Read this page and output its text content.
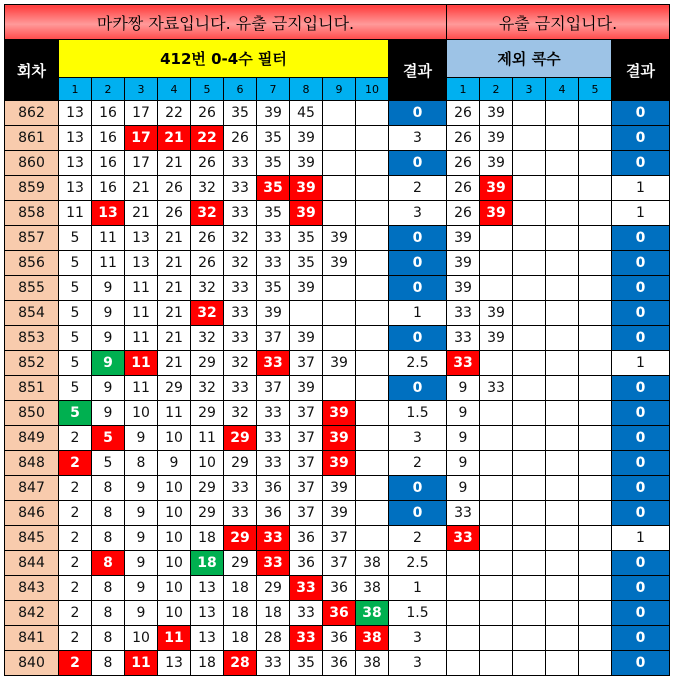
마카짱 자료입니다. 유출 금지입니다.												유출 금지입니다.					
회차	412번 0-4수 필터										결과	제외 콕수					결과
	1	2	3	4	5	6	7	8	9	10		1	2	3	4	5	
862	13	16	17	22	26	35	39	45			0	26	39				0
861	13	16	17	21	22	26	35	39			3	26	39				0
860	13	16	17	21	26	33	35	39			0	26	39				0
859	13	16	21	26	32	33	35	39			2	26	39				1
858	11	13	21	26	32	33	35	39			3	26	39				1
857	5	11	13	21	26	32	33	35	39		0	39					0
856	5	11	13	21	26	32	33	35	39		0	39					0
855	5	9	11	21	32	33	35	39			0	39					0
854	5	9	11	21	32	33	39				1	33	39				0
853	5	9	11	21	32	33	37	39			0	33	39				0
852	5	9	11	21	29	32	33	37	39		2.5	33					1
851	5	9	11	29	32	33	37	39			0	9	33				0
850	5	9	10	11	29	32	33	37	39		1.5	9					0
849	2	5	9	10	11	29	33	37	39		3	9					0
848	2	5	8	9	10	29	33	37	39		2	9					0
847	2	8	9	10	29	33	36	37	39		0	9					0
846	2	8	9	10	29	33	36	37	39		0	33					0
845	2	8	9	10	18	29	33	36	37		2	33					1
844	2	8	9	10	18	29	33	36	37	38	2.5						0
843	2	8	9	10	13	18	29	33	36	38	1						0
842	2	8	9	10	13	18	18	33	36	38	1.5						0
841	2	8	10	11	13	18	28	33	36	38	3						0
840	2	8	11	13	18	28	33	35	36	38	3						0
